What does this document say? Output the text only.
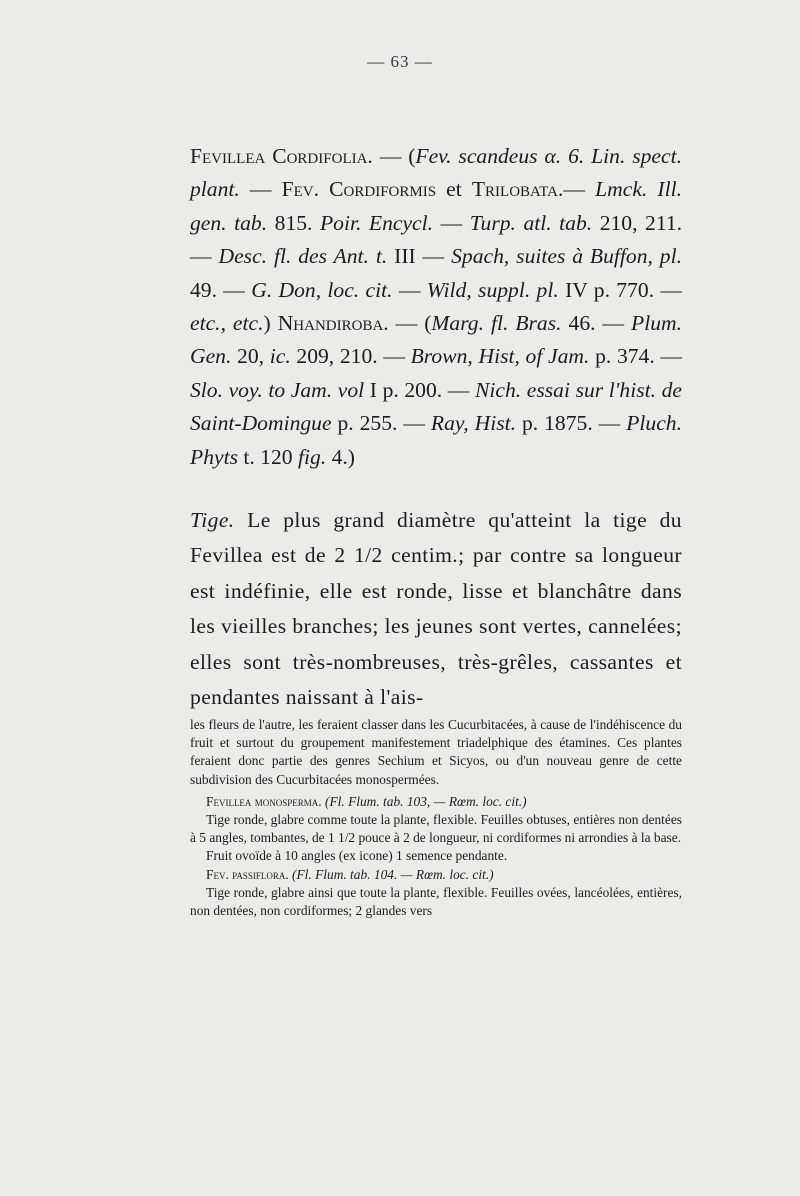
— 63 —

Fevillea Cordifolia. — (Fev. scandeus α. 6. Lin. spect. plant. — Fev. Cordiformis et Trilobata.— Lmck. Ill. gen. tab. 815. Poir. Encycl. — Turp. atl. tab. 210, 211. — Desc. fl. des Ant. t. III — Spach, suites à Buffon, pl. 49. — G. Don, loc. cit. — Wild, suppl. pl. IV p. 770. — etc., etc.) Nhandiroba. — (Marg. fl. Bras. 46. — Plum. Gen. 20, ic. 209, 210. — Brown, Hist, of Jam. p. 374. — Slo. voy. to Jam. vol I p. 200. — Nich. essai sur l'hist. de Saint-Domingue p. 255. — Ray, Hist. p. 1875. — Pluch. Phyts t. 120 fig. 4.)

Tige. Le plus grand diamètre qu'atteint la tige du Fevillea est de 2 1/2 centim.; par contre sa longueur est indéfinie, elle est ronde, lisse et blanchâtre dans les vieilles branches; les jeunes sont vertes, cannelées; elles sont très-nombreuses, très-grêles, cassantes et pendantes naissant à l'ais-

les fleurs de l'autre, les feraient classer dans les Cucurbitacées, à cause de l'indéhiscence du fruit et surtout du groupement manifestement triadelphique des étamines. Ces plantes feraient donc partie des genres Sechium et Sicyos, ou d'un nouveau genre de cette subdivision des Cucurbitacées monospermées.

Fevillea monosperma. (Fl. Flum. tab. 103, — Rœm. loc. cit.)

Tige ronde, glabre comme toute la plante, flexible. Feuilles obtuses, entières non dentées à 5 angles, tombantes, de 1 1/2 pouce à 2 de longueur, ni cordiformes ni arrondies à la base.

Fruit ovoïde à 10 angles (ex icone) 1 semence pendante.

Fev. passiflora. (Fl. Flum. tab. 104. — Rœm. loc. cit.)

Tige ronde, glabre ainsi que toute la plante, flexible. Feuilles ovées, lancéolées, entières, non dentées, non cordiformes; 2 glandes vers
